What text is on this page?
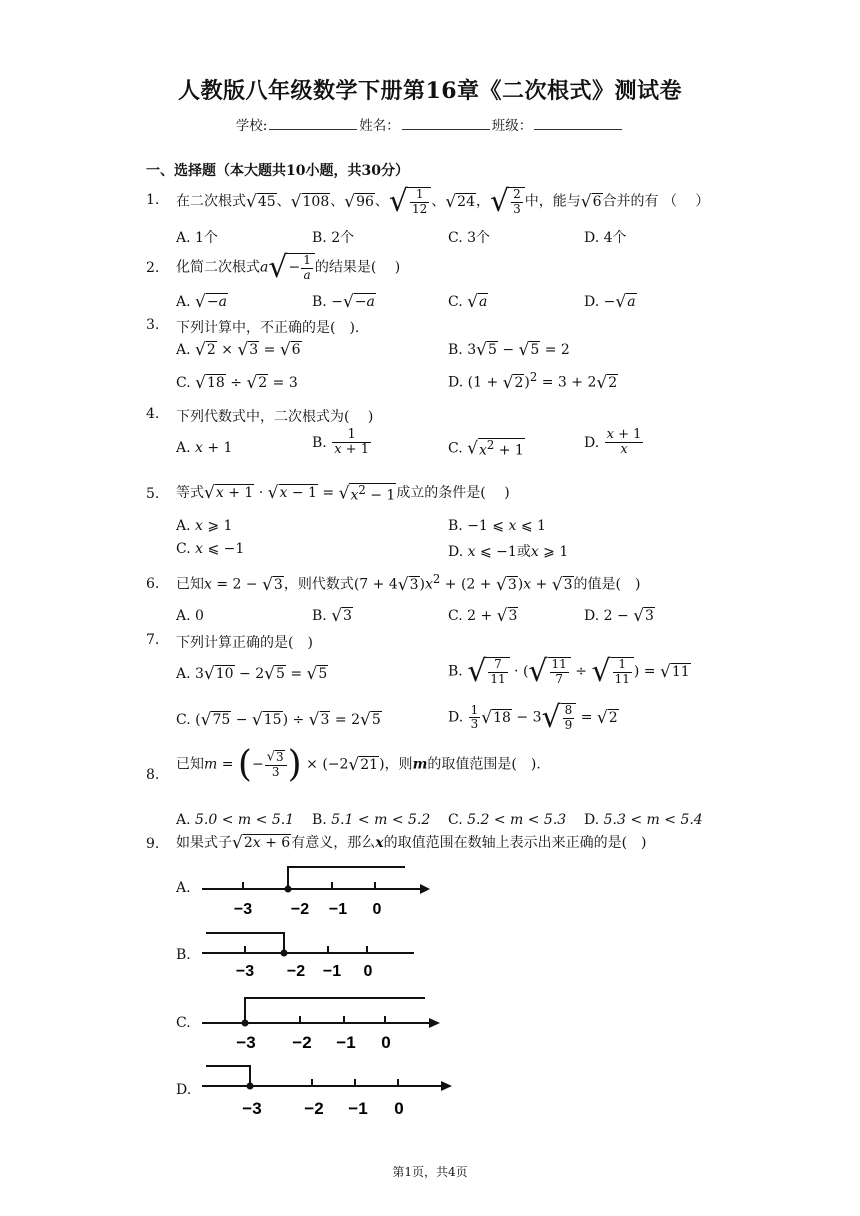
人教版八年级数学下册第16章《二次根式》测试卷
学校:	姓名：	班级：
一、选择题（本大题共10小题，共30分）
1. 在二次根式√45、√108、√96、√ $\frac{1}{12}$ 、√24，√ $\frac{2}{3}$ 中，能与√6合并的有 （　 ）
A. 1个	B. 2个	C. 3个	D. 4个
2. 化简二次根式$a√- \frac{1}{a}$ 的结果是(　 )
A. √−a	B. −√−a	C. √a	D. −√a
3. 下列计算中，不正确的是(　).
A. √2 × √3 = √6	B. 3√5 − √5 = 2
C. √18 ÷ √2 = 3	D. $(1 + √2)^2 = 3 + 2√2$
4. 下列代数式中，二次根式为(　 )
A. x + 1	B. $\frac{1}{x + 1}$	C. $√x^2 + 1$	D. $\frac{x + 1}{x}$
5. 等式$√x + 1 \cdot √x - 1 = √x^2 - 1$成立的条件是(　 )
A. x ⩾ 1	B. −1 ⩽ x ⩽ 1
C. x ⩽ −1	D. x ⩽ −1或x ⩾ 1
6. 已知x = 2 − √3，则代数式$(7 + 4√3)x^2 + (2 + √3)x + √3$的值是(　)
A. 0	B. √3	C. 2 + √3	D. 2 − √3
7. 下列计算正确的是(　)
A. 3√10 − 2√5 = √5	B. √ $\frac{7}{11}$ · (√ $\frac{11}{7}$ ÷ √ $\frac{1}{11}$ ) = √11
C. (√75 − √15) ÷ √3 = 2√5	D. $\frac{1}{3} √18 - 3√ \frac{8}{9} = √2$
8.
已知m = (− $\frac{√3}{3}$ ) × (−2√21)，则m的取值范围是(　).
A. 5.0 < m < 5.1 B. 5.1 < m < 5.2 C. 5.2 < m < 5.3 D. 5.3 < m < 5.4
9. 如果式子√2x + 6有意义，那么x的取值范围在数轴上表示出来正确的是(　)
A.
−3 −2 −1 0
B.
−3 −2 −1 0
C.
−3 −2 −1 0
D.
−3	−2 −1 0
第1页，共4页
